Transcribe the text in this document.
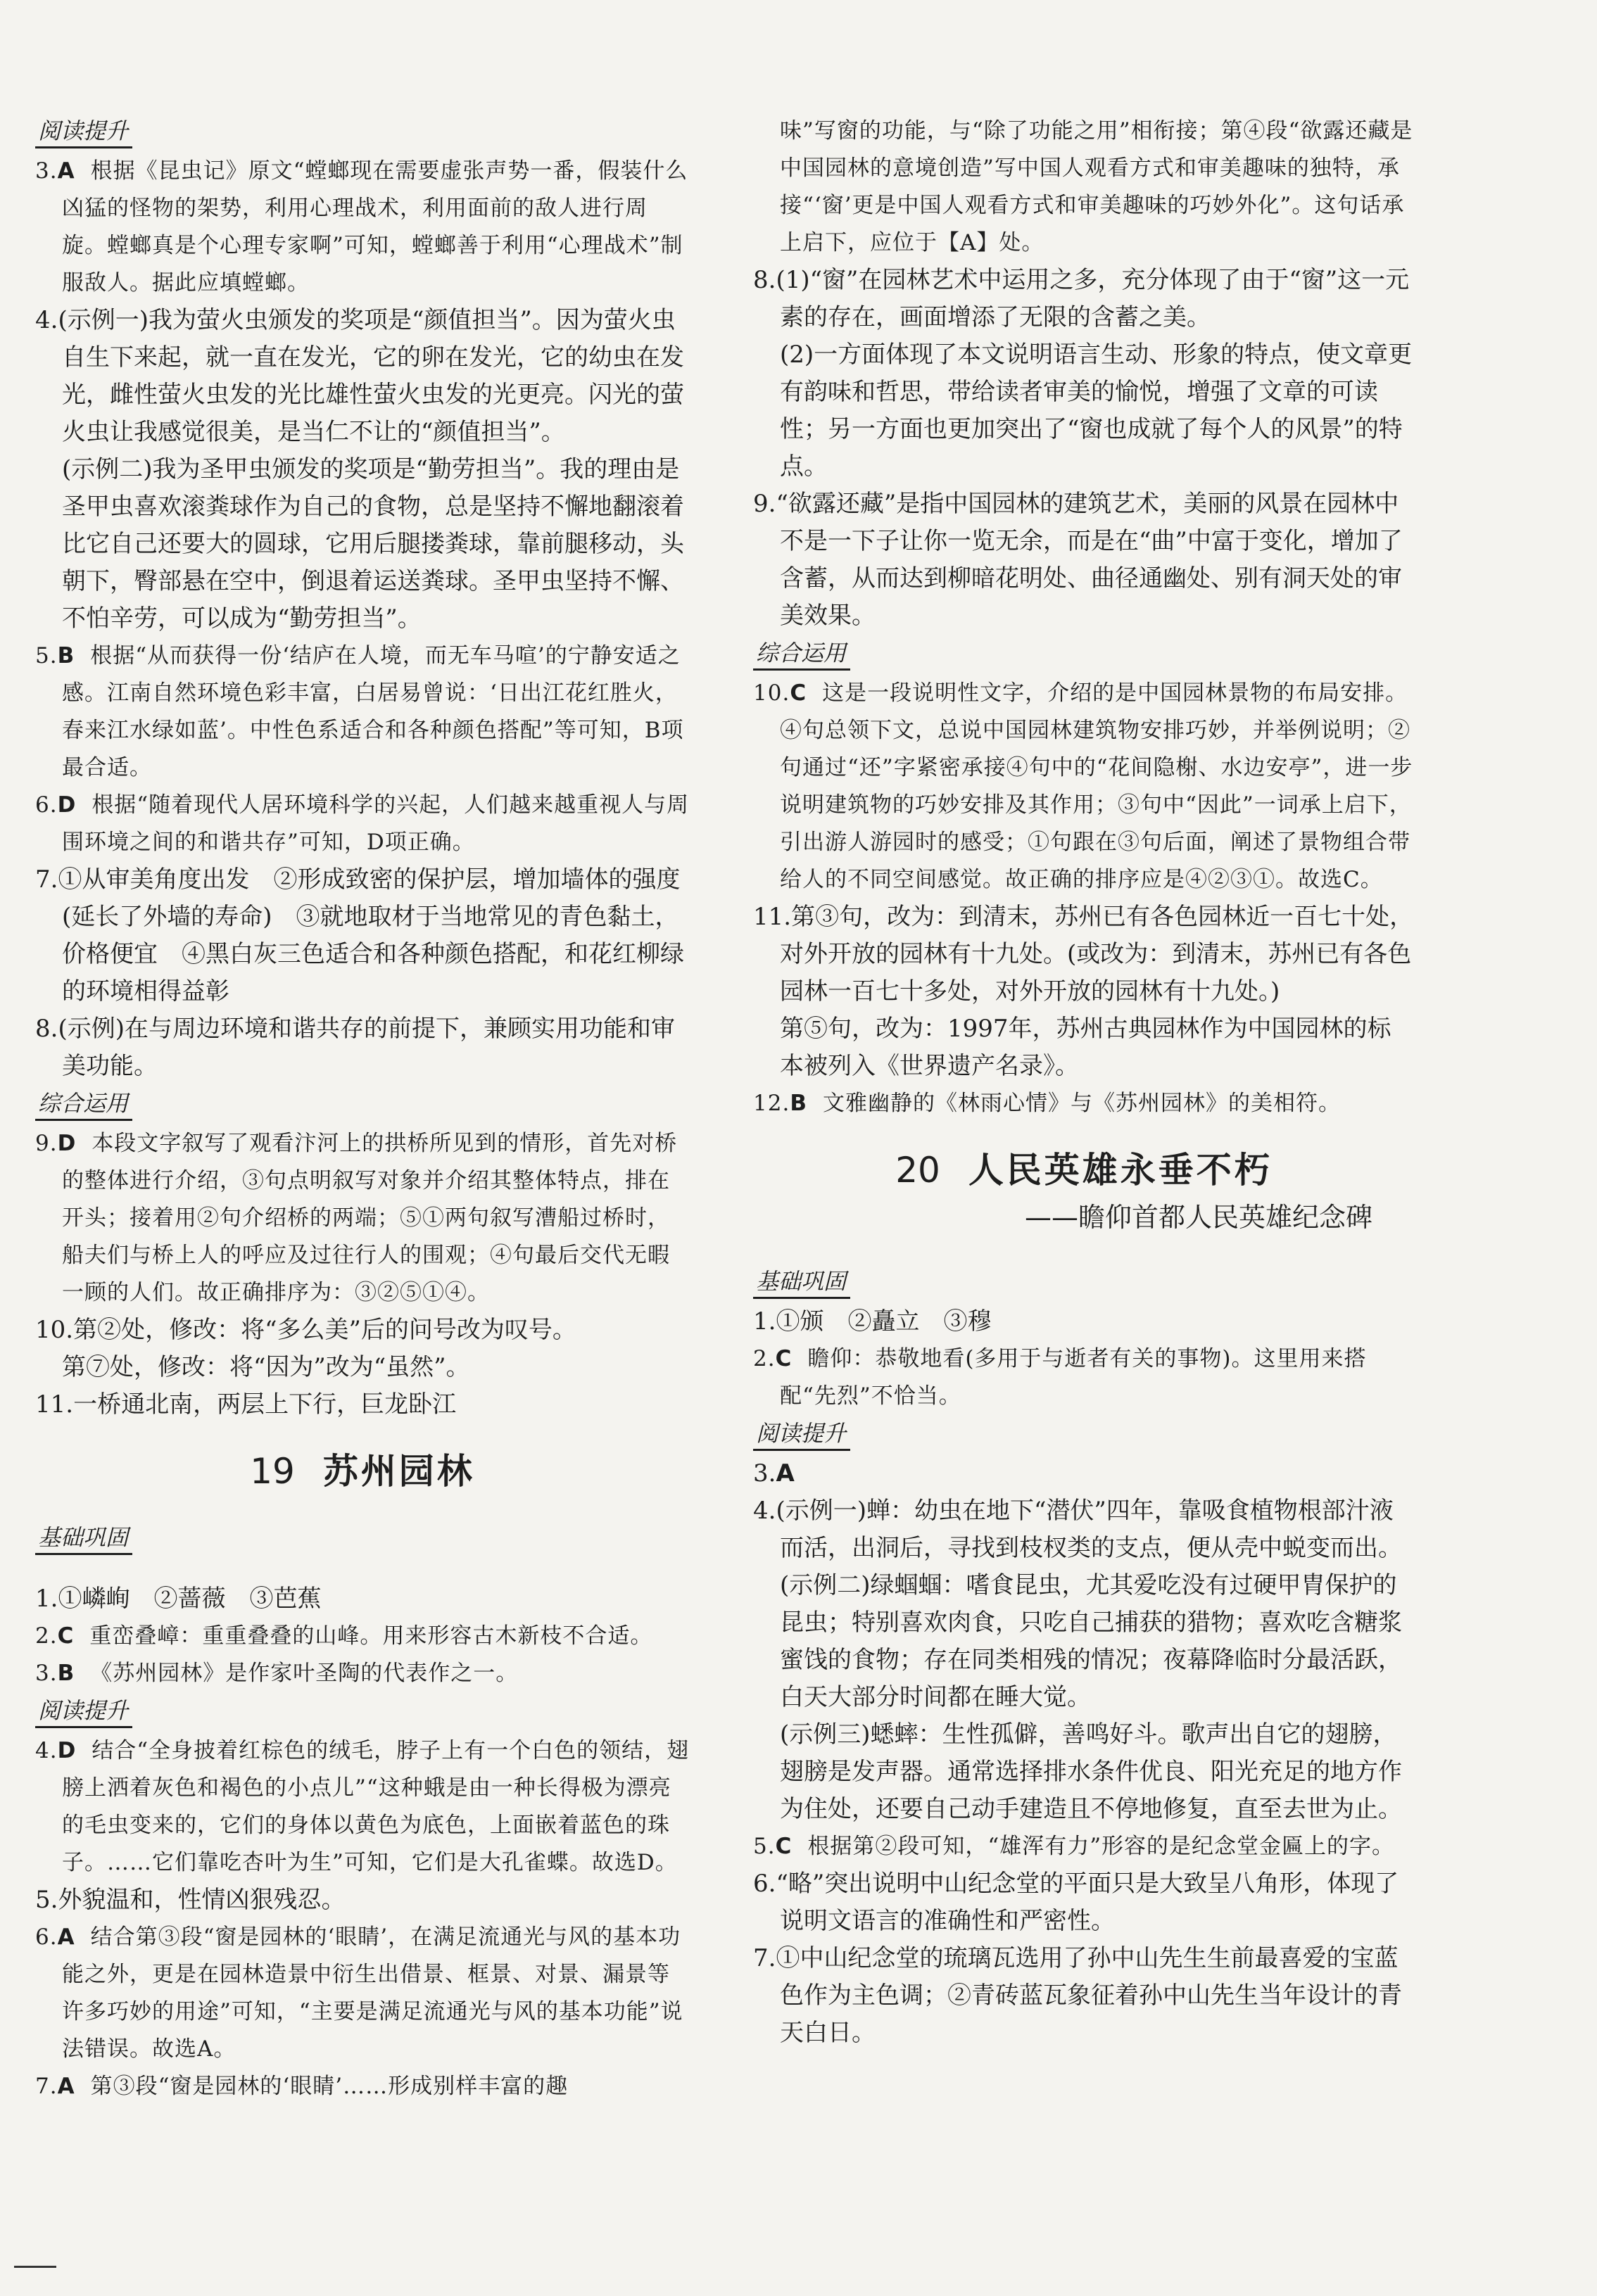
阅读提升

3.A 根据《昆虫记》原文“螳螂现在需要虚张声势一番，假装什么凶猛的怪物的架势，利用心理战术，利用面前的敌人进行周旋。螳螂真是个心理专家啊”可知，螳螂善于利用“心理战术”制服敌人。据此应填螳螂。

4.(示例一)我为萤火虫颁发的奖项是“颜值担当”。因为萤火虫自生下来起，就一直在发光，它的卵在发光，它的幼虫在发光，雌性萤火虫发的光比雄性萤火虫发的光更亮。闪光的萤火虫让我感觉很美，是当仁不让的“颜值担当”。

(示例二)我为圣甲虫颁发的奖项是“勤劳担当”。我的理由是圣甲虫喜欢滚粪球作为自己的食物，总是坚持不懈地翻滚着比它自己还要大的圆球，它用后腿搂粪球，靠前腿移动，头朝下，臀部悬在空中，倒退着运送粪球。圣甲虫坚持不懈、不怕辛劳，可以成为“勤劳担当”。

5.B 根据“从而获得一份‘结庐在人境，而无车马喧’的宁静安适之感。江南自然环境色彩丰富，白居易曾说：‘日出江花红胜火，春来江水绿如蓝’。中性色系适合和各种颜色搭配”等可知，B项最合适。

6.D 根据“随着现代人居环境科学的兴起，人们越来越重视人与周围环境之间的和谐共存”可知，D项正确。

7.①从审美角度出发　②形成致密的保护层，增加墙体的强度(延长了外墙的寿命)　③就地取材于当地常见的青色黏土，价格便宜　④黑白灰三色适合和各种颜色搭配，和花红柳绿的环境相得益彰

8.(示例)在与周边环境和谐共存的前提下，兼顾实用功能和审美功能。

综合运用

9.D 本段文字叙写了观看汴河上的拱桥所见到的情形，首先对桥的整体进行介绍，③句点明叙写对象并介绍其整体特点，排在开头；接着用②句介绍桥的两端；⑤①两句叙写漕船过桥时，船夫们与桥上人的呼应及过往行人的围观；④句最后交代无暇一顾的人们。故正确排序为：③②⑤①④。

10.第②处，修改：将“多么美”后的问号改为叹号。

第⑦处，修改：将“因为”改为“虽然”。

11.一桥通北南，两层上下行，巨龙卧江

19 苏州园林
基础巩固

1.①嶙峋　②蔷薇　③芭蕉

2.C 重峦叠嶂：重重叠叠的山峰。用来形容古木新枝不合适。

3.B 《苏州园林》是作家叶圣陶的代表作之一。

阅读提升

4.D 结合“全身披着红棕色的绒毛，脖子上有一个白色的领结，翅膀上洒着灰色和褐色的小点儿”“这种蛾是由一种长得极为漂亮的毛虫变来的，它们的身体以黄色为底色，上面嵌着蓝色的珠子。……它们靠吃杏叶为生”可知，它们是大孔雀蝶。故选D。

5.外貌温和，性情凶狠残忍。

6.A 结合第③段“窗是园林的‘眼睛’，在满足流通光与风的基本功能之外，更是在园林造景中衍生出借景、框景、对景、漏景等许多巧妙的用途”可知，“主要是满足流通光与风的基本功能”说法错误。故选A。

7.A 第③段“窗是园林的‘眼睛’……形成别样丰富的趣

味”写窗的功能，与“除了功能之用”相衔接；第④段“欲露还藏是中国园林的意境创造”写中国人观看方式和审美趣味的独特，承接“‘窗’更是中国人观看方式和审美趣味的巧妙外化”。这句话承上启下，应位于【A】处。

8.(1)“窗”在园林艺术中运用之多，充分体现了由于“窗”这一元素的存在，画面增添了无限的含蓄之美。

(2)一方面体现了本文说明语言生动、形象的特点，使文章更有韵味和哲思，带给读者审美的愉悦，增强了文章的可读性；另一方面也更加突出了“窗也成就了每个人的风景”的特点。

9.“欲露还藏”是指中国园林的建筑艺术，美丽的风景在园林中不是一下子让你一览无余，而是在“曲”中富于变化，增加了含蓄，从而达到柳暗花明处、曲径通幽处、别有洞天处的审美效果。

综合运用

10.C 这是一段说明性文字，介绍的是中国园林景物的布局安排。④句总领下文，总说中国园林建筑物安排巧妙，并举例说明；②句通过“还”字紧密承接④句中的“花间隐榭、水边安亭”，进一步说明建筑物的巧妙安排及其作用；③句中“因此”一词承上启下，引出游人游园时的感受；①句跟在③句后面，阐述了景物组合带给人的不同空间感觉。故正确的排序应是④②③①。故选C。

11.第③句，改为：到清末，苏州已有各色园林近一百七十处，对外开放的园林有十九处。(或改为：到清末，苏州已有各色园林一百七十多处，对外开放的园林有十九处。)

第⑤句，改为：1997年，苏州古典园林作为中国园林的标本被列入《世界遗产名录》。

12.B 文雅幽静的《林雨心情》与《苏州园林》的美相符。

20 人民英雄永垂不朽
——瞻仰首都人民英雄纪念碑
基础巩固

1.①颁　②矗立　③穆

2.C 瞻仰：恭敬地看(多用于与逝者有关的事物)。这里用来搭配“先烈”不恰当。

阅读提升

3.A

4.(示例一)蝉：幼虫在地下“潜伏”四年，靠吸食植物根部汁液而活，出洞后，寻找到枝杈类的支点，便从壳中蜕变而出。

(示例二)绿蝈蝈：嗜食昆虫，尤其爱吃没有过硬甲胄保护的昆虫；特别喜欢肉食，只吃自己捕获的猎物；喜欢吃含糖浆蜜饯的食物；存在同类相残的情况；夜幕降临时分最活跃，白天大部分时间都在睡大觉。

(示例三)蟋蟀：生性孤僻，善鸣好斗。歌声出自它的翅膀，翅膀是发声器。通常选择排水条件优良、阳光充足的地方作为住处，还要自己动手建造且不停地修复，直至去世为止。

5.C 根据第②段可知，“雄浑有力”形容的是纪念堂金匾上的字。

6.“略”突出说明中山纪念堂的平面只是大致呈八角形，体现了说明文语言的准确性和严密性。

7.①中山纪念堂的琉璃瓦选用了孙中山先生生前最喜爱的宝蓝色作为主色调；②青砖蓝瓦象征着孙中山先生当年设计的青天白日。
